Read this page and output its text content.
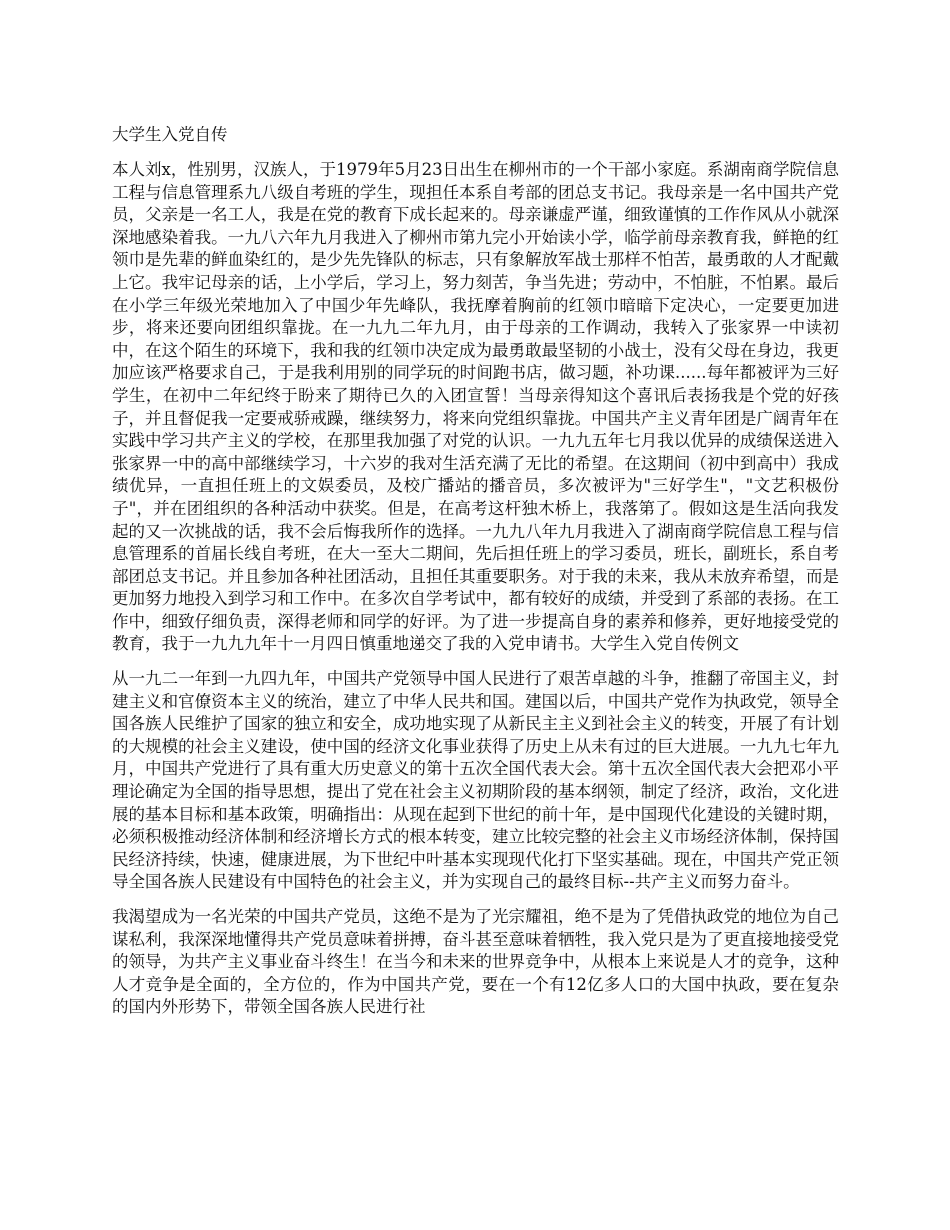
大学生入党自传

本人刘x，性别男，汉族人，于1979年5月23日出生在柳州市的一个干部小家庭。系湖南商学院信息工程与信息管理系九八级自考班的学生，现担任本系自考部的团总支书记。我母亲是一名中国共产党员，父亲是一名工人，我是在党的教育下成长起来的。母亲谦虚严谨，细致谨慎的工作作风从小就深深地感染着我。一九八六年九月我进入了柳州市第九完小开始读小学，临学前母亲教育我，鲜艳的红领巾是先辈的鲜血染红的，是少先先锋队的标志，只有象解放军战士那样不怕苦，最勇敢的人才配戴上它。我牢记母亲的话，上小学后，学习上，努力刻苦，争当先进；劳动中，不怕脏，不怕累。最后在小学三年级光荣地加入了中国少年先峰队，我抚摩着胸前的红领巾暗暗下定决心，一定要更加进步，将来还要向团组织靠拢。在一九九二年九月，由于母亲的工作调动，我转入了张家界一中读初中，在这个陌生的环境下，我和我的红领巾决定成为最勇敢最坚韧的小战士，没有父母在身边，我更加应该严格要求自己，于是我利用别的同学玩的时间跑书店，做习题，补功课......每年都被评为三好学生，在初中二年纪终于盼来了期待已久的入团宣誓！当母亲得知这个喜讯后表扬我是个党的好孩子，并且督促我一定要戒骄戒躁，继续努力，将来向党组织靠拢。中国共产主义青年团是广阔青年在实践中学习共产主义的学校，在那里我加强了对党的认识。一九九五年七月我以优异的成绩保送进入张家界一中的高中部继续学习，十六岁的我对生活充满了无比的希望。在这期间（初中到高中）我成绩优异，一直担任班上的文娱委员，及校广播站的播音员，多次被评为"三好学生"，"文艺积极份子"，并在团组织的各种活动中获奖。但是，在高考这杆独木桥上，我落第了。假如这是生活向我发起的又一次挑战的话，我不会后悔我所作的选择。一九九八年九月我进入了湖南商学院信息工程与信息管理系的首届长线自考班，在大一至大二期间，先后担任班上的学习委员，班长，副班长，系自考部团总支书记。并且参加各种社团活动，且担任其重要职务。对于我的未来，我从未放弃希望，而是更加努力地投入到学习和工作中。在多次自学考试中，都有较好的成绩，并受到了系部的表扬。在工作中，细致仔细负责，深得老师和同学的好评。为了进一步提高自身的素养和修养，更好地接受党的教育，我于一九九九年十一月四日慎重地递交了我的入党申请书。大学生入党自传例文

从一九二一年到一九四九年，中国共产党领导中国人民进行了艰苦卓越的斗争，推翻了帝国主义，封建主义和官僚资本主义的统治，建立了中华人民共和国。建国以后，中国共产党作为执政党，领导全国各族人民维护了国家的独立和安全，成功地实现了从新民主主义到社会主义的转变，开展了有计划的大规模的社会主义建设，使中国的经济文化事业获得了历史上从未有过的巨大进展。一九九七年九月，中国共产党进行了具有重大历史意义的第十五次全国代表大会。第十五次全国代表大会把邓小平理论确定为全国的指导思想，提出了党在社会主义初期阶段的基本纲领，制定了经济，政治，文化进展的基本目标和基本政策，明确指出：从现在起到下世纪的前十年，是中国现代化建设的关键时期，必须积极推动经济体制和经济增长方式的根本转变，建立比较完整的社会主义市场经济体制，保持国民经济持续，快速，健康进展，为下世纪中叶基本实现现代化打下坚实基础。现在，中国共产党正领导全国各族人民建设有中国特色的社会主义，并为实现自己的最终目标--共产主义而努力奋斗。

我渴望成为一名光荣的中国共产党员，这绝不是为了光宗耀祖，绝不是为了凭借执政党的地位为自己谋私利，我深深地懂得共产党员意味着拼搏，奋斗甚至意味着牺牲，我入党只是为了更直接地接受党的领导，为共产主义事业奋斗终生！在当今和未来的世界竞争中，从根本上来说是人才的竞争，这种人才竞争是全面的，全方位的，作为中国共产党，要在一个有12亿多人口的大国中执政，要在复杂的国内外形势下，带领全国各族人民进行社
